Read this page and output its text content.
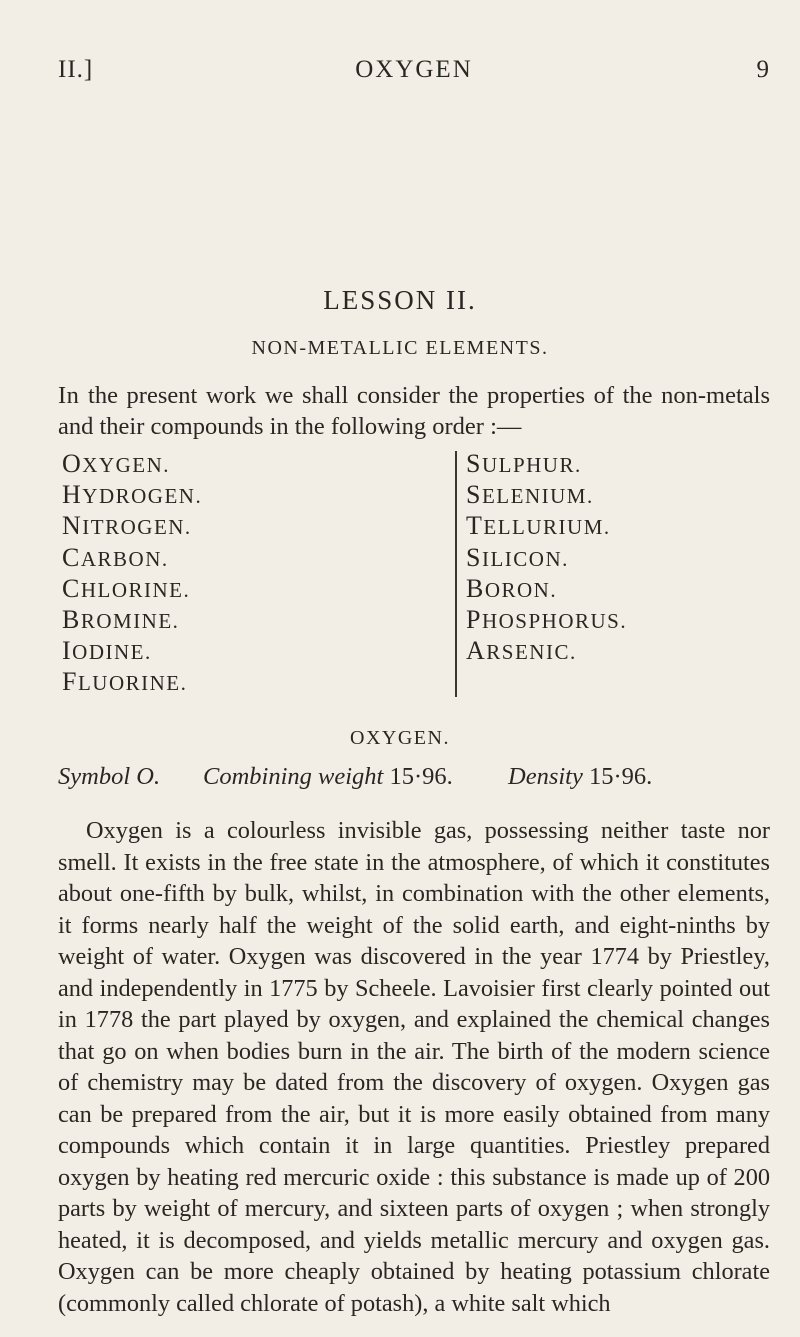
II.]	OXYGEN	9
LESSON II.
NON-METALLIC ELEMENTS.

In the present work we shall consider the properties of the non-metals and their compounds in the following order :—

OXYGEN.
HYDROGEN.
NITROGEN.
CARBON.
CHLORINE.
BROMINE.
IODINE.
FLUORINE.
SULPHUR.
SELENIUM.
TELLURIUM.
SILICON.
BORON.
PHOSPHORUS.
ARSENIC.
OXYGEN.
Symbol O. Combining weight 15·96. Density 15·96.

Oxygen is a colourless invisible gas, possessing neither taste nor smell. It exists in the free state in the atmosphere, of which it constitutes about one-fifth by bulk, whilst, in combination with the other elements, it forms nearly half the weight of the solid earth, and eight-ninths by weight of water. Oxygen was discovered in the year 1774 by Priestley, and independently in 1775 by Scheele. Lavoisier first clearly pointed out in 1778 the part played by oxygen, and explained the chemical changes that go on when bodies burn in the air. The birth of the modern science of chemistry may be dated from the discovery of oxygen. Oxygen gas can be prepared from the air, but it is more easily obtained from many compounds which contain it in large quantities. Priestley prepared oxygen by heating red mercuric oxide : this substance is made up of 200 parts by weight of mercury, and sixteen parts of oxygen ; when strongly heated, it is decomposed, and yields metallic mercury and oxygen gas. Oxygen can be more cheaply obtained by heating potassium chlorate (commonly called chlorate of potash), a white salt which
